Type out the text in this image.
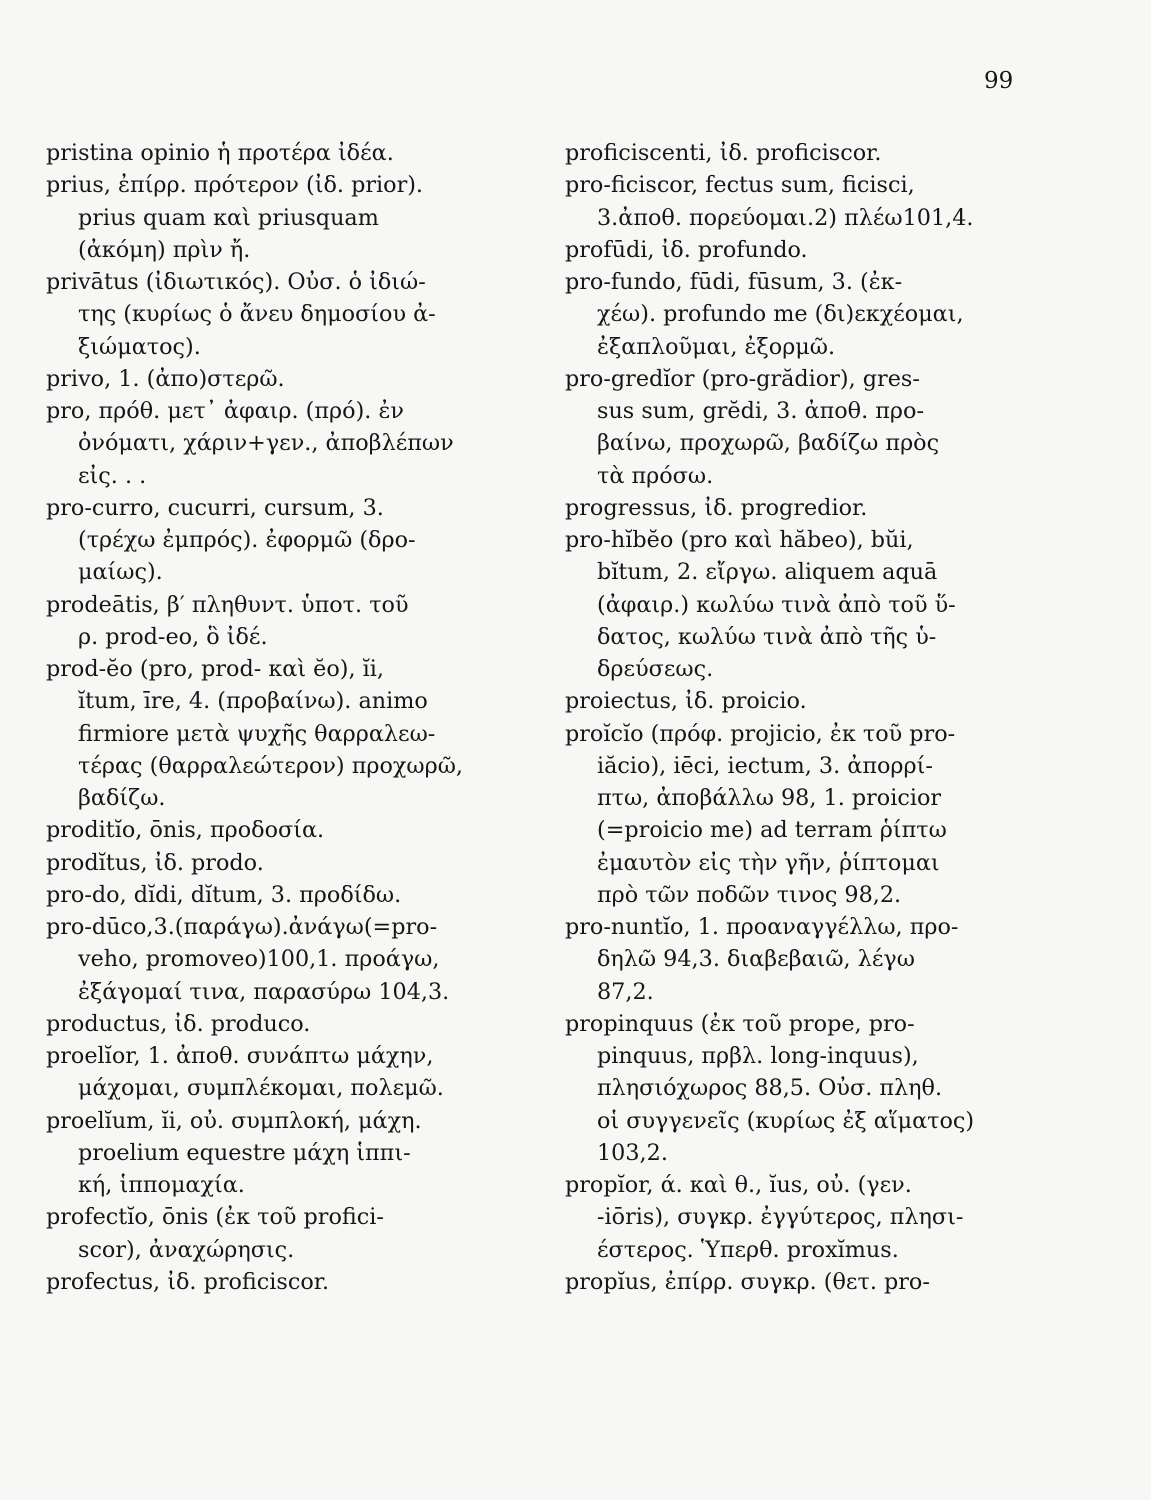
99
pristina opinio ἡ προτέρα ἰδέα.
prius, ἐπίρρ. πρότερον (ἰδ. prior).
prius quam καὶ priusquam
(ἀκόμη) πρὶν ἤ.
privātus (ἰδιωτικός). Οὐσ. ὁ ἰδιώ-
της (κυρίως ὁ ἄνευ δημοσίου ἀ-
ξιώματος).
privo, 1. (ἀπο)στερῶ.
pro, πρόθ. μετ᾿ ἀφαιρ. (πρό). ἐν
ὀνόματι, χάριν+γεν., ἀποβλέπων
εἰς. . .
pro-curro, cucurri, cursum, 3.
(τρέχω ἐμπρός). ἐφορμῶ (δρο-
μαίως).
prodeātis, β′ πληθυντ. ὑποτ. τοῦ
ρ. prod-eo, ὃ ἰδέ.
prod-ĕo (pro, prod- καὶ ĕo), ĭi,
ĭtum, īre, 4. (προβαίνω). animo
firmiore μετὰ ψυχῆς θαρραλεω-
τέρας (θαρραλεώτερον) προχωρῶ,
βαδίζω.
proditĭo, ōnis, προδοσία.
prodĭtus, ἰδ. prodo.
pro-do, dĭdi, dĭtum, 3. προδίδω.
pro-dūco,3.(παράγω).ἀνάγω(=pro-
veho, promoveo)100,1. προάγω,
ἐξάγομαί τινα, παρασύρω 104,3.
productus, ἰδ. produco.
proelĭor, 1. ἀποθ. συνάπτω μάχην,
μάχομαι, συμπλέκομαι, πολεμῶ.
proelĭum, ĭi, οὐ. συμπλοκή, μάχη.
proelium equestre μάχη ἱππι-
κή, ἱππομαχία.
profectĭo, ōnis (ἐκ τοῦ profici-
scor), ἀναχώρησις.
profectus, ἰδ. proficiscor.
proficiscenti, ἰδ. proficiscor.
pro-ficiscor, fectus sum, ficisci,
3.ἀποθ. πορεύομαι.2) πλέω101,4.
profūdi, ἰδ. profundo.
pro-fundo, fūdi, fūsum, 3. (ἐκ-
χέω). profundo me (δι)εκχέομαι,
ἐξαπλοῦμαι, ἐξορμῶ.
pro-gredĭor (pro-grădior), gres-
sus sum, grĕdi, 3. ἀποθ. προ-
βαίνω, προχωρῶ, βαδίζω πρὸς
τὰ πρόσω.
progressus, ἰδ. progredior.
pro-hĭbĕo (pro καὶ hăbeo), bŭi,
bĭtum, 2. εἴργω. aliquem aquā
(ἀφαιρ.) κωλύω τινὰ ἀπὸ τοῦ ὕ-
δατος, κωλύω τινὰ ἀπὸ τῆς ὑ-
δρεύσεως.
proiectus, ἰδ. proicio.
proĭcĭo (πρόφ. projicio, ἐκ τοῦ pro-
iăcio), iēci, iectum, 3. ἀπορρί-
πτω, ἀποβάλλω 98, 1. proicior
(=proicio me) ad terram ῥίπτω
ἐμαυτὸν εἰς τὴν γῆν, ῥίπτομαι
πρὸ τῶν ποδῶν τινος 98,2.
pro-nuntĭo, 1. προαναγγέλλω, προ-
δηλῶ 94,3. διαβεβαιῶ, λέγω
87,2.
propinquus (ἐκ τοῦ prope, pro-
pinquus, πρβλ. long-inquus),
πλησιόχωρος 88,5. Οὐσ. πληθ.
οἱ συγγενεῖς (κυρίως ἐξ αἵματος)
103,2.
propĭor, ά. καὶ θ., ĭus, οὐ. (γεν.
-iōris), συγκρ. ἐγγύτερος, πλησι-
έστερος. Ὑπερθ. proxĭmus.
propĭus, ἐπίρρ. συγκρ. (θετ. pro-
